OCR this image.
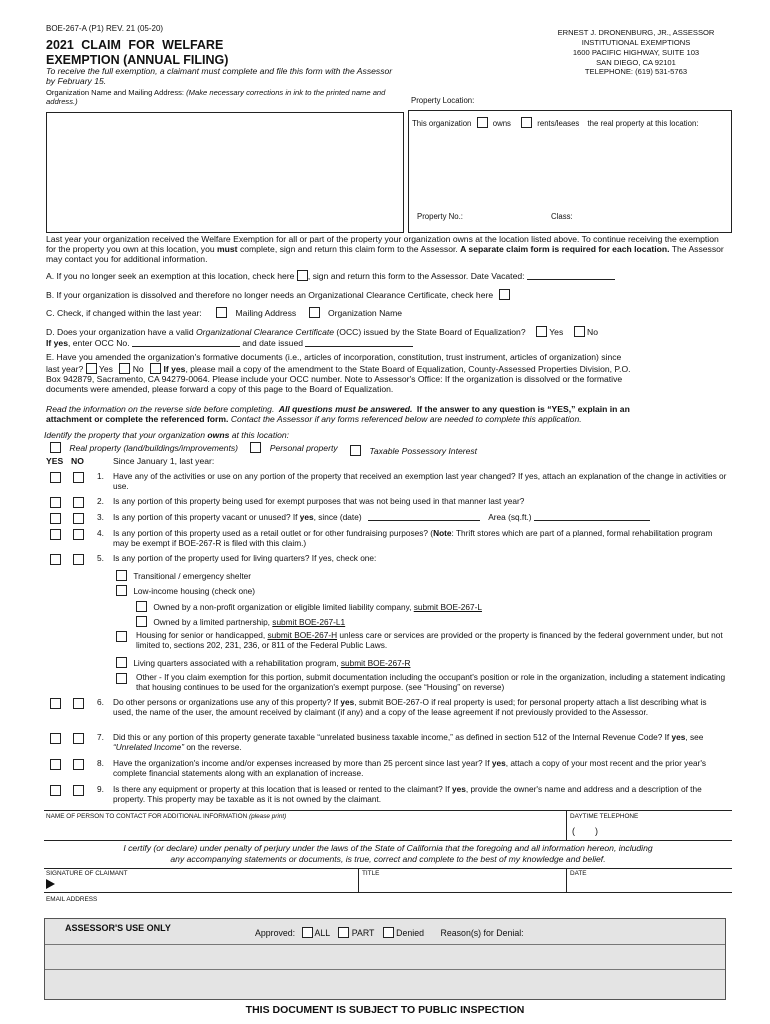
BOE-267-A (P1) REV. 21 (05-20)
2021 CLAIM FOR WELFARE
EXEMPTION (ANNUAL FILING)
To receive the full exemption, a claimant must complete and file this form with the Assessor by February 15.
Organization Name and Mailing Address: (Make necessary corrections in ink to the printed name and address.)
ERNEST J. DRONENBURG, JR., ASSESSOR
INSTITUTIONAL EXEMPTIONS
1600 PACIFIC HIGHWAY, SUITE 103
SAN DIEGO, CA 92101
TELEPHONE: (619) 531-5763
Property Location:
This organization	owns	rents/leases the real property at this location:
Property No.:	Class:
Last year your organization received the Welfare Exemption for all or part of the property your organization owns at the location listed above. To continue receiving the exemption for the property you own at this location, you must complete, sign and return this claim form to the Assessor. A separate claim form is required for each location. The Assessor may contact you for additional information.
A. If you no longer seek an exemption at this location, check here , sign and return this form to the Assessor. Date Vacated:
B. If your organization is dissolved and therefore no longer needs an Organizational Clearance Certificate, check here
C. Check, if changed within the last year:	Mailing Address	Organization Name
D. Does your organization have a valid Organizational Clearance Certificate (OCC) issued by the State Board of Equalization?	Yes	No
If yes, enter OCC No.	and date issued
E. Have you amended the organization's formative documents (i.e., articles of incorporation, constitution, trust instrument, articles of organization) since
last year? Yes No If yes, please mail a copy of the amendment to the State Board of Equalization, County-Assessed Properties Division, P.O.
Box 942879, Sacramento, CA 94279-0064. Please include your OCC number. Note to Assessor's Office: If the organization is dissolved or the formative
documents were amended, please forward a copy of this page to the Board of Equalization.
Read the information on the reverse side before completing. All questions must be answered. If the answer to any question is “YES,” explain in an
attachment or complete the referenced form. Contact the Assessor if any forms referenced below are needed to complete this application.
Identify the property that your organization owns at this location:
Real property (land/buildings/improvements)	Personal property	Taxable Possessory Interest
YES NO	Since January 1, last year:
1. Have any of the activities or use on any portion of the property that received an exemption last year changed? If yes, attach an explanation of the change in activities or use.
2. Is any portion of this property being used for exempt purposes that was not being used in that manner last year?
3. Is any portion of this property vacant or unused? If yes, since (date)	Area (sq.ft.)
4. Is any portion of this property used as a retail outlet or for other fundraising purposes? (Note: Thrift stores which are part of a planned, formal rehabilitation program may be exempt if BOE-267-R is filed with this claim.)
5. Is any portion of the property used for living quarters? If yes, check one:
Transitional / emergency shelter
Low-income housing (check one)
Owned by a non-profit organization or eligible limited liability company, submit BOE-267-L
Owned by a limited partnership, submit BOE-267-L1
Housing for senior or handicapped, submit BOE-267-H unless care or services are provided or the property is financed by the federal government under, but not limited to, sections 202, 231, 236, or 811 of the Federal Public Laws.
Living quarters associated with a rehabilitation program, submit BOE-267-R
Other - If you claim exemption for this portion, submit documentation including the occupant's position or role in the organization, including a statement indicating that housing continues to be used for the organization's exempt purpose. (see “Housing” on reverse)
6. Do other persons or organizations use any of this property? If yes, submit BOE-267-O if real property is used; for personal property attach a list describing what is used, the name of the user, the amount received by claimant (if any) and a copy of the lease agreement if not previously provided to the Assessor.
7. Did this or any portion of this property generate taxable “unrelated business taxable income,” as defined in section 512 of the Internal Revenue Code? If yes, see “Unrelated Income” on the reverse.
8. Have the organization's income and/or expenses increased by more than 25 percent since last year? If yes, attach a copy of your most recent and the prior year's complete financial statements along with an explanation of increase.
9. Is there any equipment or property at this location that is leased or rented to the claimant? If yes, provide the owner's name and address and a description of the property. This property may be taxable as it is not owned by the claimant.
NAME OF PERSON TO CONTACT FOR ADDITIONAL INFORMATION (please print)	DAYTIME TELEPHONE
(        )
I certify (or declare) under penalty of perjury under the laws of the State of California that the foregoing and all information hereon, including
any accompanying statements or documents, is true, correct and complete to the best of my knowledge and belief.
SIGNATURE OF CLAIMANT	TITLE	DATE
EMAIL ADDRESS
ASSESSOR'S USE ONLY	Approved: ALL PART Denied Reason(s) for Denial:
THIS DOCUMENT IS SUBJECT TO PUBLIC INSPECTION
